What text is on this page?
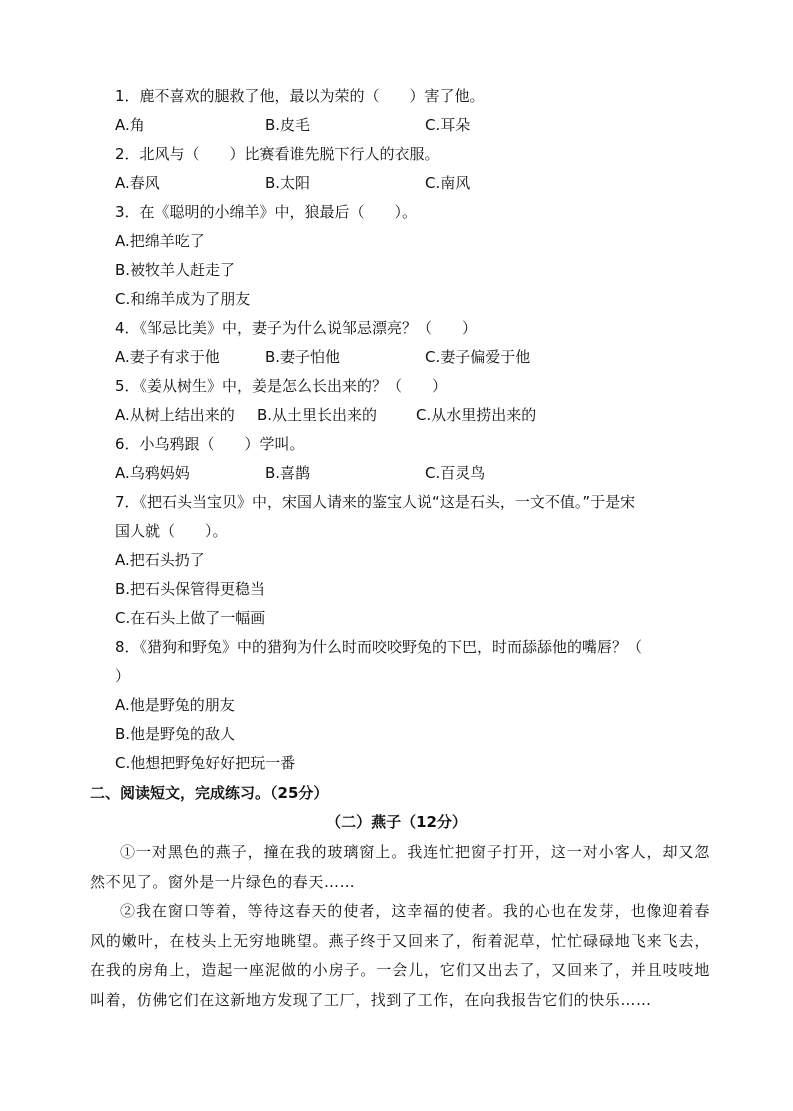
1．鹿不喜欢的腿救了他，最以为荣的（　　）害了他。
A.角	B.皮毛	C.耳朵
2．北风与（　　）比赛看谁先脱下行人的衣服。
A.春风	B.太阳	C.南风
3．在《聪明的小绵羊》中，狼最后（　　）。
A.把绵羊吃了
B.被牧羊人赶走了
C.和绵羊成为了朋友
4．《邹忌比美》中，妻子为什么说邹忌漂亮？（　　）
A.妻子有求于他	B.妻子怕他	C.妻子偏爱于他
5．《姜从树生》中，姜是怎么长出来的？（　　）
A.从树上结出来的 B.从土里长出来的	C.从水里捞出来的
6．小乌鸦跟（　　）学叫。
A.乌鸦妈妈	B.喜鹊	C.百灵鸟
7．《把石头当宝贝》中，宋国人请来的鉴宝人说“这是石头，一文不值。”于是宋
国人就（　　）。
A.把石头扔了
B.把石头保管得更稳当
C.在石头上做了一幅画
8．《猎狗和野兔》中的猎狗为什么时而咬咬野兔的下巴，时而舔舔他的嘴唇？（
）
A.他是野兔的朋友
B.他是野兔的敌人
C.他想把野兔好好把玩一番
二、阅读短文，完成练习。（25分）
（二）燕子（12分）
①一对黑色的燕子，撞在我的玻璃窗上。我连忙把窗子打开，这一对小客人，却又忽然不见了。窗外是一片绿色的春天……
②我在窗口等着，等待这春天的使者，这幸福的使者。我的心也在发芽，也像迎着春风的嫩叶，在枝头上无穷地眺望。燕子终于又回来了，衔着泥草，忙忙碌碌地飞来飞去，在我的房角上，造起一座泥做的小房子。一会儿，它们又出去了，又回来了，并且吱吱地叫着，仿佛它们在这新地方发现了工厂，找到了工作，在向我报告它们的快乐……
